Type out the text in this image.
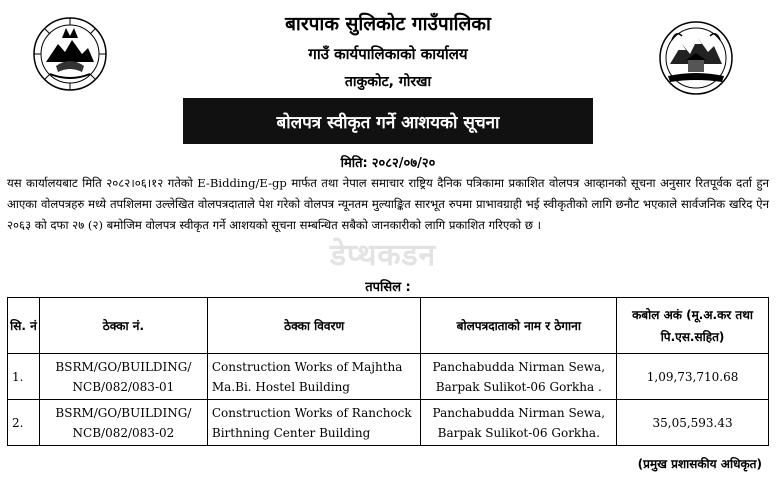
बारपाक सुलिकोट गाउँपालिका
गाउँ कार्यपालिकाको कार्यालय
ताकुकोट, गोरखा
बोलपत्र स्वीकृत गर्ने आशयको सूचना
मिति: २०८२/०७/२०
डेप्थकडन

यस कार्यालयबाट मिति २०८२।०६।१२ गतेको E-Bidding/E-gp मार्फत तथा नेपाल समाचार राष्ट्रिय दैनिक पत्रिकामा प्रकाशित वोलपत्र आव्हानको सूचना अनुसार रितपूर्वक दर्ता हुन आएका वोलपत्रहरु मध्ये तपशिलमा उल्लेखित वोलपत्रदाताले पेश गरेको वोलपत्र न्यूनतम मुल्याङ्कित सारभूत रुपमा प्राभावग्राही भई स्वीकृतीको लागि छनौट भएकाले सार्वजनिक खरिद ऐन २०६३ को दफा २७ (२) बमोजिम वोलपत्र स्वीकृत गर्ने आशयको सूचना सम्बन्धित सबैको जानकारीको लागि प्रकाशित गरिएको छ ।

तपसिल :
सि. नं	ठेक्का नं.	ठेक्का विवरण	बोलपत्रदाताको नाम र ठेगाना	कबोल अकं (मू.अ.कर तथा पि.एस.सहित)
1.	BSRM/GO/BUILDING/ NCB/082/083-01	Construction Works of Majhtha Ma.Bi. Hostel Building	Panchabudda Nirman Sewa, Barpak Sulikot-06 Gorkha .	1,09,73,710.68
2.	BSRM/GO/BUILDING/ NCB/082/083-02	Construction Works of Ranchock Birthning Center Building	Panchabudda Nirman Sewa, Barpak Sulikot-06 Gorkha.	35,05,593.43
(प्रमुख प्रशासकीय अधिकृत)
